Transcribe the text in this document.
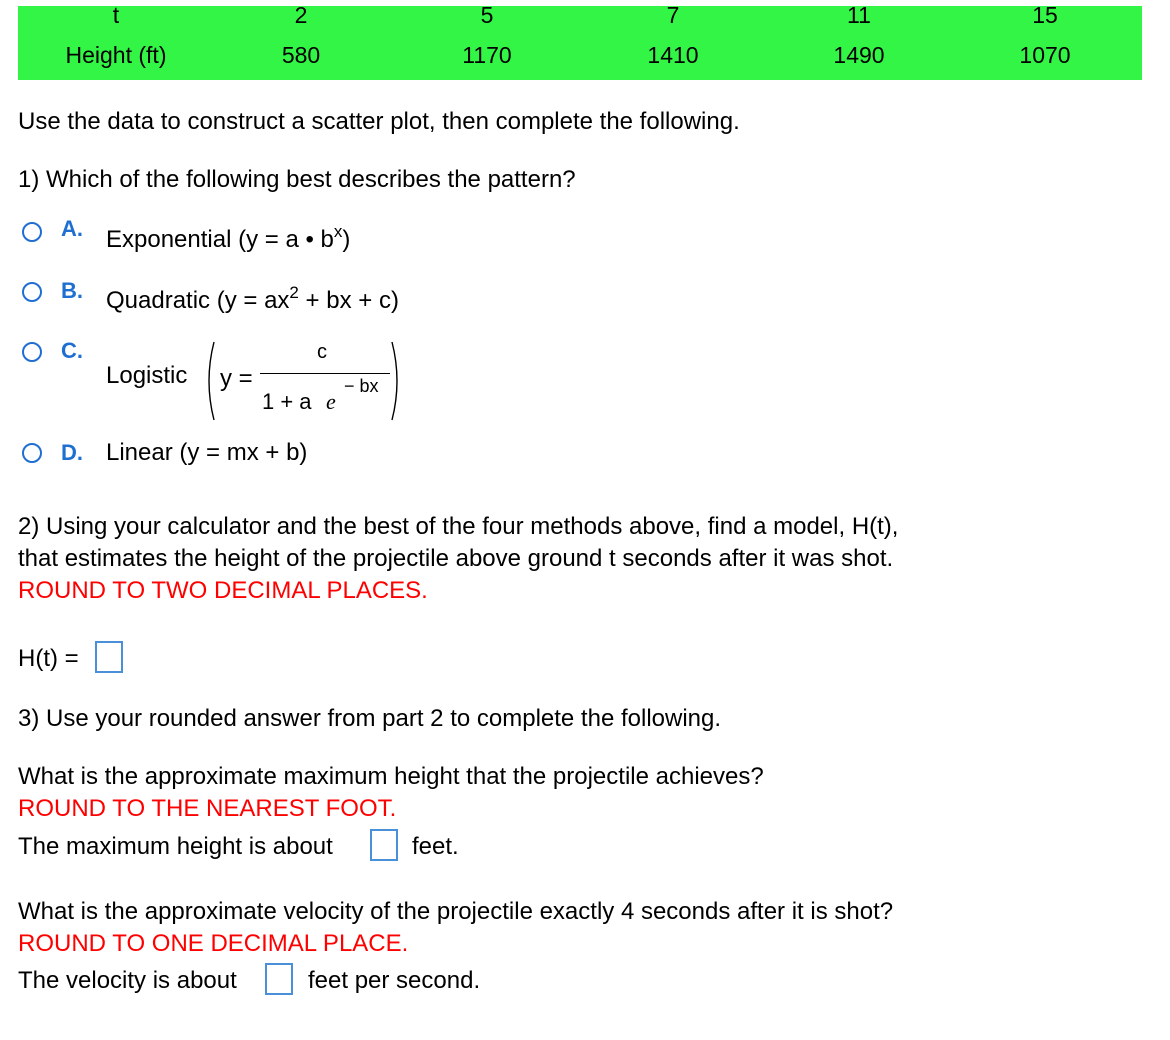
t	2	5	7	11	15
Height (ft)	580	1170	1410	1490	1070
Use the data to construct a scatter plot, then complete the following.
1) Which of the following best describes the pattern?
A. Exponential (y = a • $b^x$)
B. Quadratic ($y = ax^2$ + bx + c)
C.
Logistic y =
c
1 + a e
− bx
D. Linear (y = mx + b)
2) Using your calculator and the best of the four methods above, find a model, H(t),
that estimates the height of the projectile above ground t seconds after it was shot.
ROUND TO TWO DECIMAL PLACES.
H(t) =
3) Use your rounded answer from part 2 to complete the following.
What is the approximate maximum height that the projectile achieves?
ROUND TO THE NEAREST FOOT.
The maximum height is about	feet.
What is the approximate velocity of the projectile exactly 4 seconds after it is shot?
ROUND TO ONE DECIMAL PLACE.
The velocity is about	feet per second.
